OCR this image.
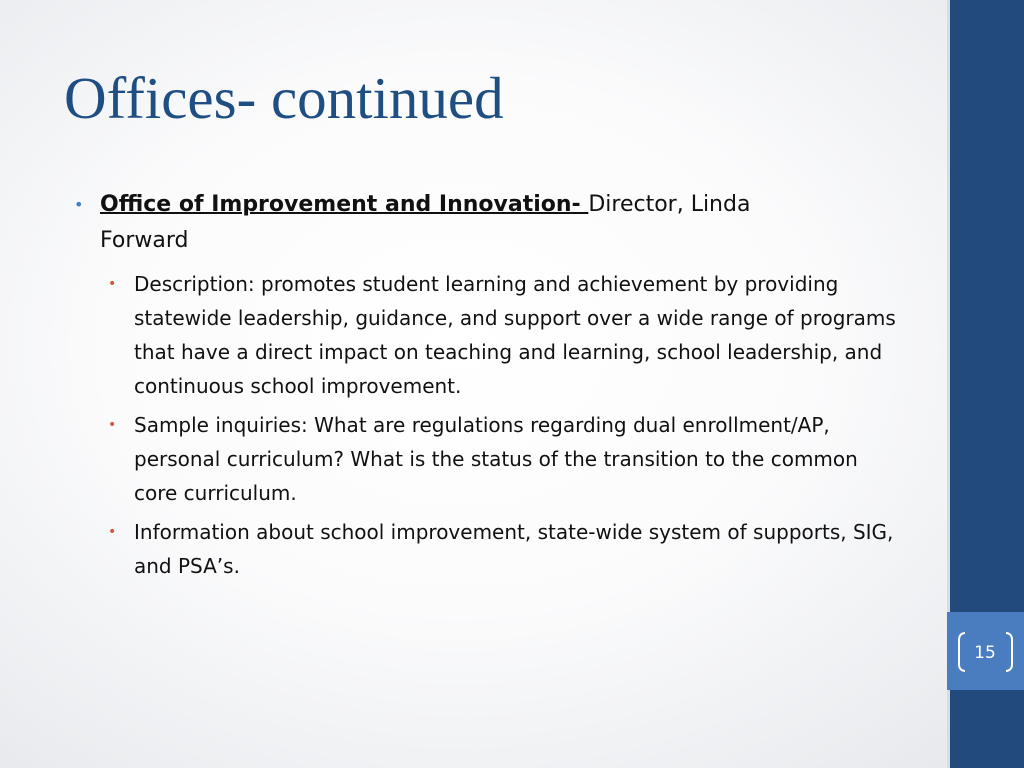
Offices- continued
• Office of Improvement and Innovation- Director, Linda Forward
• Description: promotes student learning and achievement by providing statewide leadership, guidance, and support over a wide range of programs that have a direct impact on teaching and learning, school leadership, and continuous school improvement.
• Sample inquiries: What are regulations regarding dual enrollment/AP, personal curriculum? What is the status of the transition to the common core curriculum.
• Information about school improvement, state-wide system of supports, SIG, and PSA’s.
15
